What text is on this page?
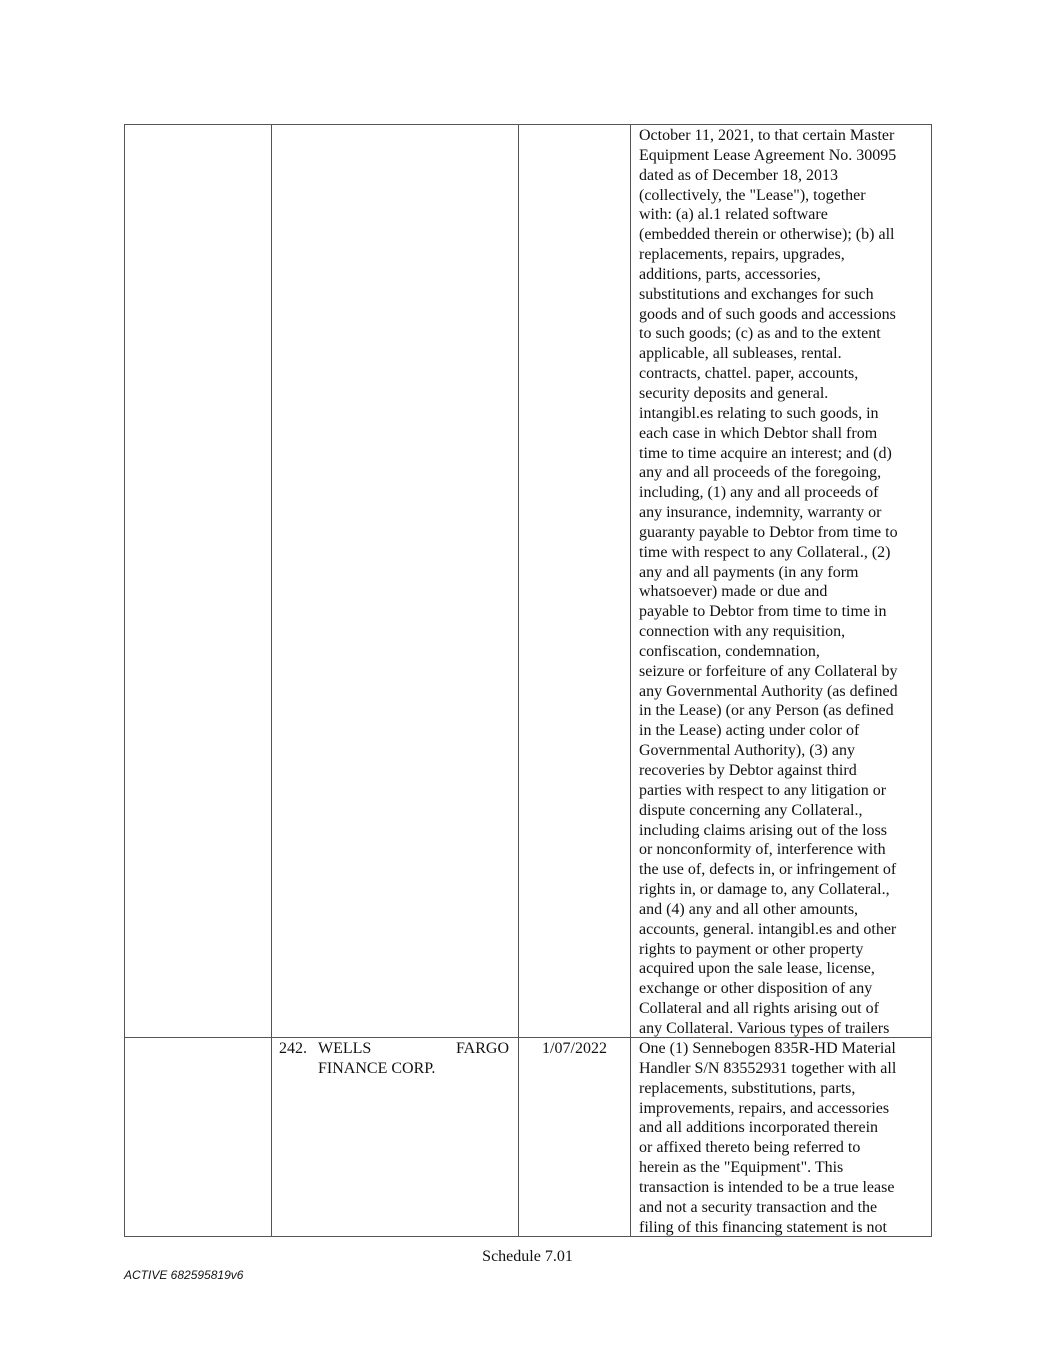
October 11, 2021, to that certain Master
Equipment Lease Agreement No. 30095
dated as of December 18, 2013
(collectively, the "Lease"), together
with: (a) al.1 related software
(embedded therein or otherwise); (b) all
replacements, repairs, upgrades,
additions, parts, accessories,
substitutions and exchanges for such
goods and of such goods and accessions
to such goods; (c) as and to the extent
applicable, all subleases, rental.
contracts, chattel. paper, accounts,
security deposits and general.
intangibl.es relating to such goods, in
each case in which Debtor shall from
time to time acquire an interest; and (d)
any and all proceeds of the foregoing,
including, (1) any and all proceeds of
any insurance, indemnity, warranty or
guaranty payable to Debtor from time to
time with respect to any Collateral., (2)
any and all payments (in any form
whatsoever) made or due and
payable to Debtor from time to time in
connection with any requisition,
confiscation, condemnation,
seizure or forfeiture of any Collateral by
any Governmental Authority (as defined
in the Lease) (or any Person (as defined
in the Lease) acting under color of
Governmental Authority), (3) any
recoveries by Debtor against third
parties with respect to any litigation or
dispute concerning any Collateral.,
including claims arising out of the loss
or nonconformity of, interference with
the use of, defects in, or infringement of
rights in, or damage to, any Collateral.,
and (4) any and all other amounts,
accounts, general. intangibl.es and other
rights to payment or other property
acquired upon the sale lease, license,
exchange or other disposition of any
Collateral and all rights arising out of
any Collateral. Various types of trailers
242. WELLS	FARGO
FINANCE CORP.
1/07/2022	One (1) Sennebogen 835R-HD Material
Handler S/N 83552931 together with all
replacements, substitutions, parts,
improvements, repairs, and accessories
and all additions incorporated therein
or affixed thereto being referred to
herein as the "Equipment". This
transaction is intended to be a true lease
and not a security transaction and the
filing of this financing statement is not
Schedule 7.01
ACTIVE 682595819v6
